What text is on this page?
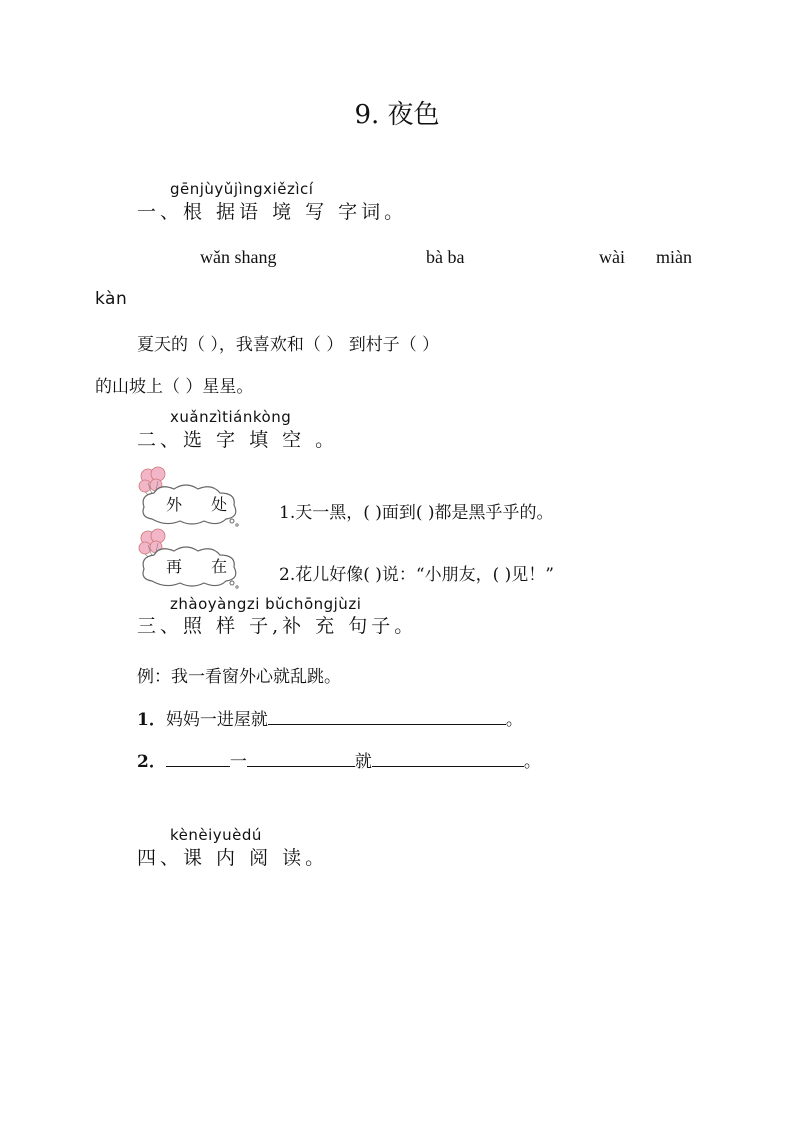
9. 夜色
gēnjùyǔjìngxiězìcí
一、根 据语 境 写 字词。
wǎn shang	bà ba	wài miàn
kàn
夏天的（ ），我喜欢和（ ） 到村子（ ）
的山坡上（ ）星星。
xuǎnzìtiánkòng
二、选 字 填 空 。
外 处 1.天一黑，( )面到( )都是黑乎乎的。
再 在 2.花儿好像( )说：“小朋友，( )见！”
zhàoyàngzi bǔchōngjùzi
三、照 样 子,补 充 句子。
例：我一看窗外心就乱跳。
1．妈妈一进屋就	。
2．	一	就	。
kènèiyuèdú
四、课 内 阅 读。
